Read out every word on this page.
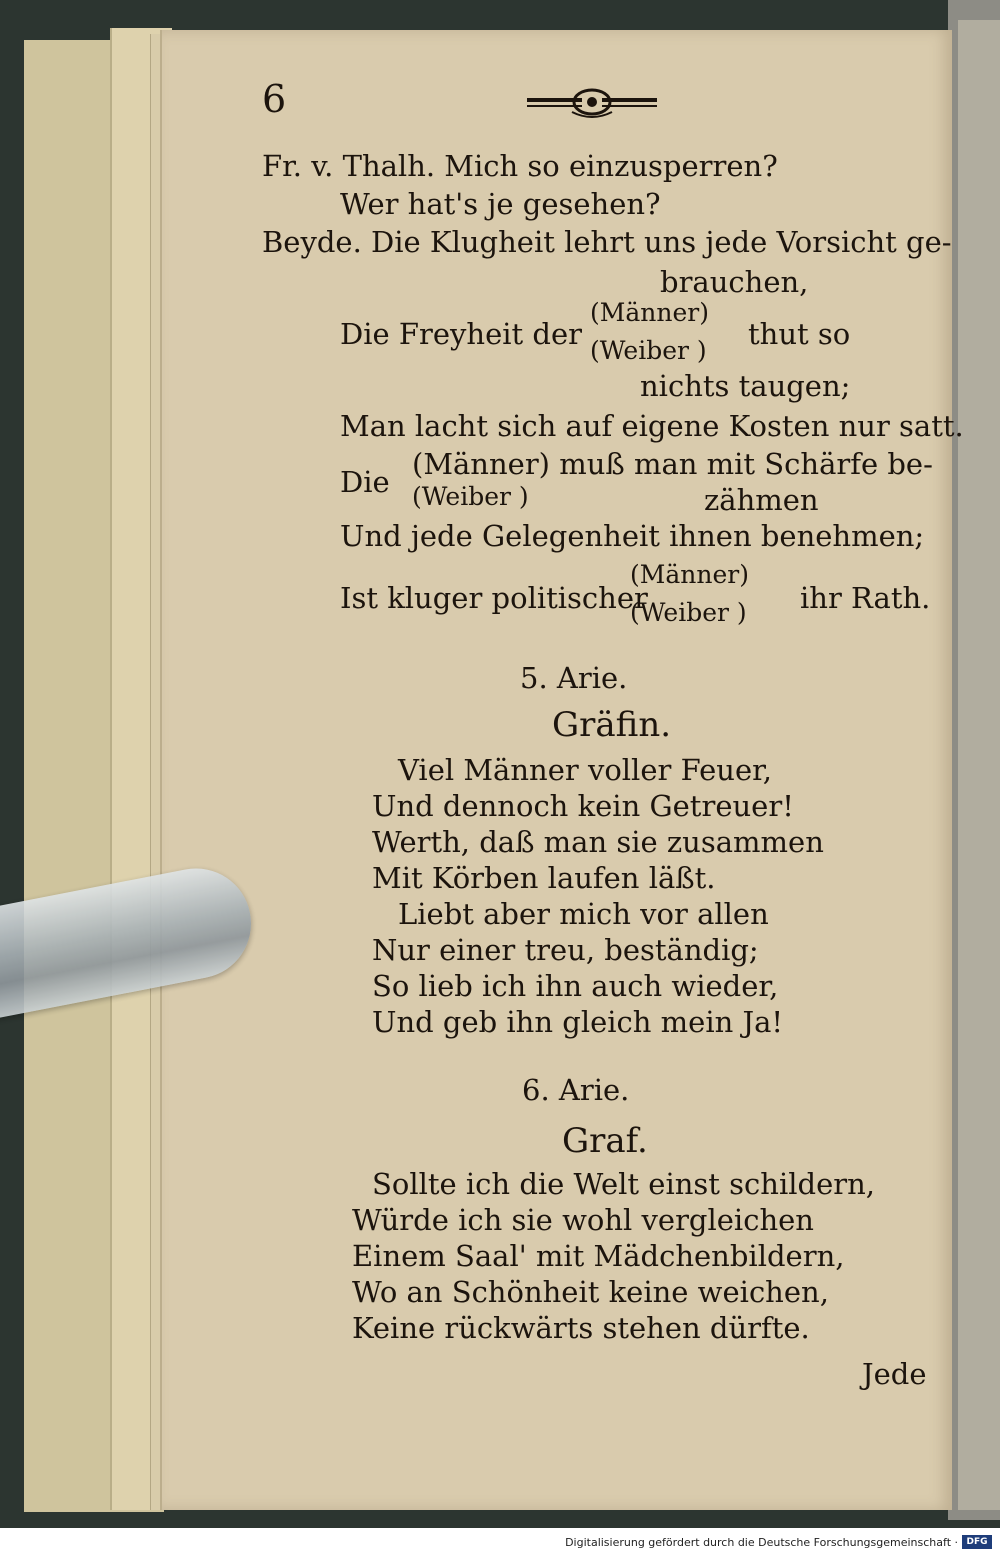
6
Fr. v. Thalh. Mich so einzusperren?
Wer hat's je gesehen?
Beyde. Die Klugheit lehrt uns jede Vorsicht ge-
brauchen,
Die Freyheit der
(Männer)
(Weiber ) thut so
nichts taugen;
Man lacht sich auf eigene Kosten nur satt.
Die
(Männer) muß man mit Schärfe be-
(Weiber )	zähmen
Und jede Gelegenheit ihnen benehmen;
Ist kluger politischer
(Männer)
(Weiber ) ihr Rath.
5. Arie.
Gräfin.
Viel Männer voller Feuer,
Und dennoch kein Getreuer!
Werth, daß man sie zusammen
Mit Körben laufen läßt.
Liebt aber mich vor allen
Nur einer treu, beständig;
So lieb ich ihn auch wieder,
Und geb ihn gleich mein Ja!
6. Arie.
Graf.
Sollte ich die Welt einst schildern,
Würde ich sie wohl vergleichen
Einem Saal' mit Mädchenbildern,
Wo an Schönheit keine weichen,
Keine rückwärts stehen dürfte.
Jede
Digitalisierung gefördert durch die Deutsche Forschungsgemeinschaft · DFG
